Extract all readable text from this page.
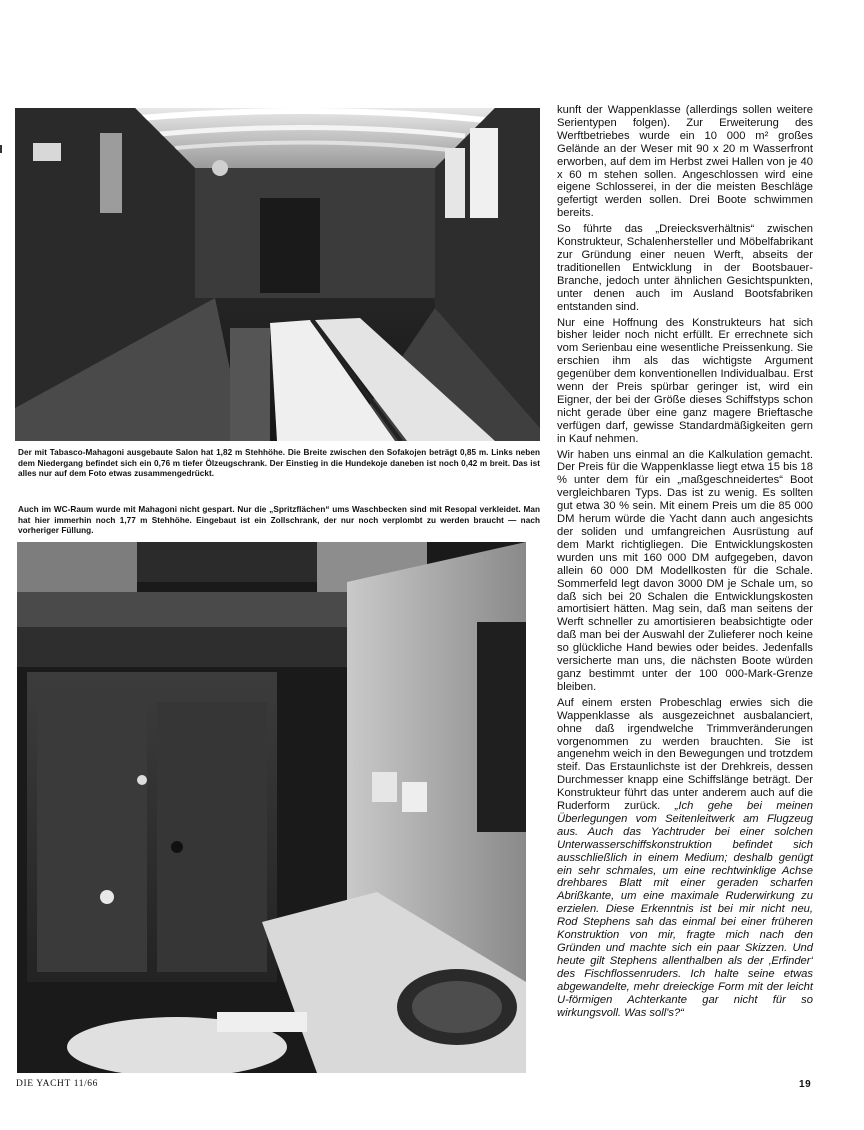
Der mit Tabasco-Mahagoni ausgebaute Salon hat 1,82 m Stehhöhe. Die Breite zwischen den Sofakojen beträgt 0,85 m. Links neben dem Niedergang befindet sich ein 0,76 m tiefer Ölzeugschrank. Der Einstieg in die Hundekoje daneben ist noch 0,42 m breit. Das ist alles nur auf dem Foto etwas zusammengedrückt.
Auch im WC-Raum wurde mit Mahagoni nicht gespart. Nur die „Spritzflächen“ ums Waschbecken sind mit Resopal verkleidet. Man hat hier immerhin noch 1,77 m Stehhöhe. Eingebaut ist ein Zollschrank, der nur noch verplombt zu werden braucht — nach vorheriger Füllung.

kunft der Wappenklasse (allerdings sollen weitere Serientypen folgen). Zur Erweiterung des Werftbetriebes wurde ein 10 000 m² großes Gelände an der Weser mit 90 x 20 m Wasserfront erworben, auf dem im Herbst zwei Hallen von je 40 x 60 m stehen sollen. Angeschlossen wird eine eigene Schlosserei, in der die meisten Beschläge gefertigt werden sollen. Drei Boote schwimmen bereits.

So führte das „Dreiecksverhältnis“ zwischen Konstrukteur, Schalenhersteller und Möbelfabrikant zur Gründung einer neuen Werft, abseits der traditionellen Entwicklung in der Bootsbauer-Branche, jedoch unter ähnlichen Gesichtspunkten, unter denen auch im Ausland Bootsfabriken entstanden sind.

Nur eine Hoffnung des Konstrukteurs hat sich bisher leider noch nicht erfüllt. Er errechnete sich vom Serienbau eine wesentliche Preissenkung. Sie erschien ihm als das wichtigste Argument gegenüber dem konventionellen Individualbau. Erst wenn der Preis spürbar geringer ist, wird ein Eigner, der bei der Größe dieses Schiffstyps schon nicht gerade über eine ganz magere Brieftasche verfügen darf, gewisse Standardmäßigkeiten gern in Kauf nehmen.

Wir haben uns einmal an die Kalkulation gemacht. Der Preis für die Wappenklasse liegt etwa 15 bis 18 % unter dem für ein „maßgeschneidertes“ Boot vergleichbaren Typs. Das ist zu wenig. Es sollten gut etwa 30 % sein. Mit einem Preis um die 85 000 DM herum würde die Yacht dann auch angesichts der soliden und umfangreichen Ausrüstung auf dem Markt richtigliegen. Die Entwicklungskosten wurden uns mit 160 000 DM aufgegeben, davon allein 60 000 DM Modellkosten für die Schale. Sommerfeld legt davon 3000 DM je Schale um, so daß sich bei 20 Schalen die Entwicklungskosten amortisiert hätten. Mag sein, daß man seitens der Werft schneller zu amortisieren beabsichtigte oder daß man bei der Auswahl der Zulieferer noch keine so glückliche Hand bewies oder beides. Jedenfalls versicherte man uns, die nächsten Boote würden ganz bestimmt unter der 100 000-Mark-Grenze bleiben.

Auf einem ersten Probeschlag erwies sich die Wappenklasse als ausgezeichnet ausbalanciert, ohne daß irgendwelche Trimmveränderungen vorgenommen zu werden brauchten. Sie ist angenehm weich in den Bewegungen und trotzdem steif. Das Erstaunlichste ist der Drehkreis, dessen Durchmesser knapp eine Schiffslänge beträgt. Der Konstrukteur führt das unter anderem auch auf die Ruderform zurück. „Ich gehe bei meinen Überlegungen vom Seitenleitwerk am Flugzeug aus. Auch das Yachtruder bei einer solchen Unterwasserschiffskonstruktion befindet sich ausschließlich in einem Medium; deshalb genügt ein sehr schmales, um eine rechtwinklige Achse drehbares Blatt mit einer geraden scharfen Abrißkante, um eine maximale Ruderwirkung zu erzielen. Diese Erkenntnis ist bei mir nicht neu, Rod Stephens sah das einmal bei einer früheren Konstruktion von mir, fragte mich nach den Gründen und machte sich ein paar Skizzen. Und heute gilt Stephens allenthalben als der ‚Erfinder‘ des Fischflossenruders. Ich halte seine etwas abgewandelte, mehr dreieckige Form mit der leicht U-förmigen Achterkante gar nicht für so wirkungsvoll. Was soll's?“

DIE YACHT 11/66	19
